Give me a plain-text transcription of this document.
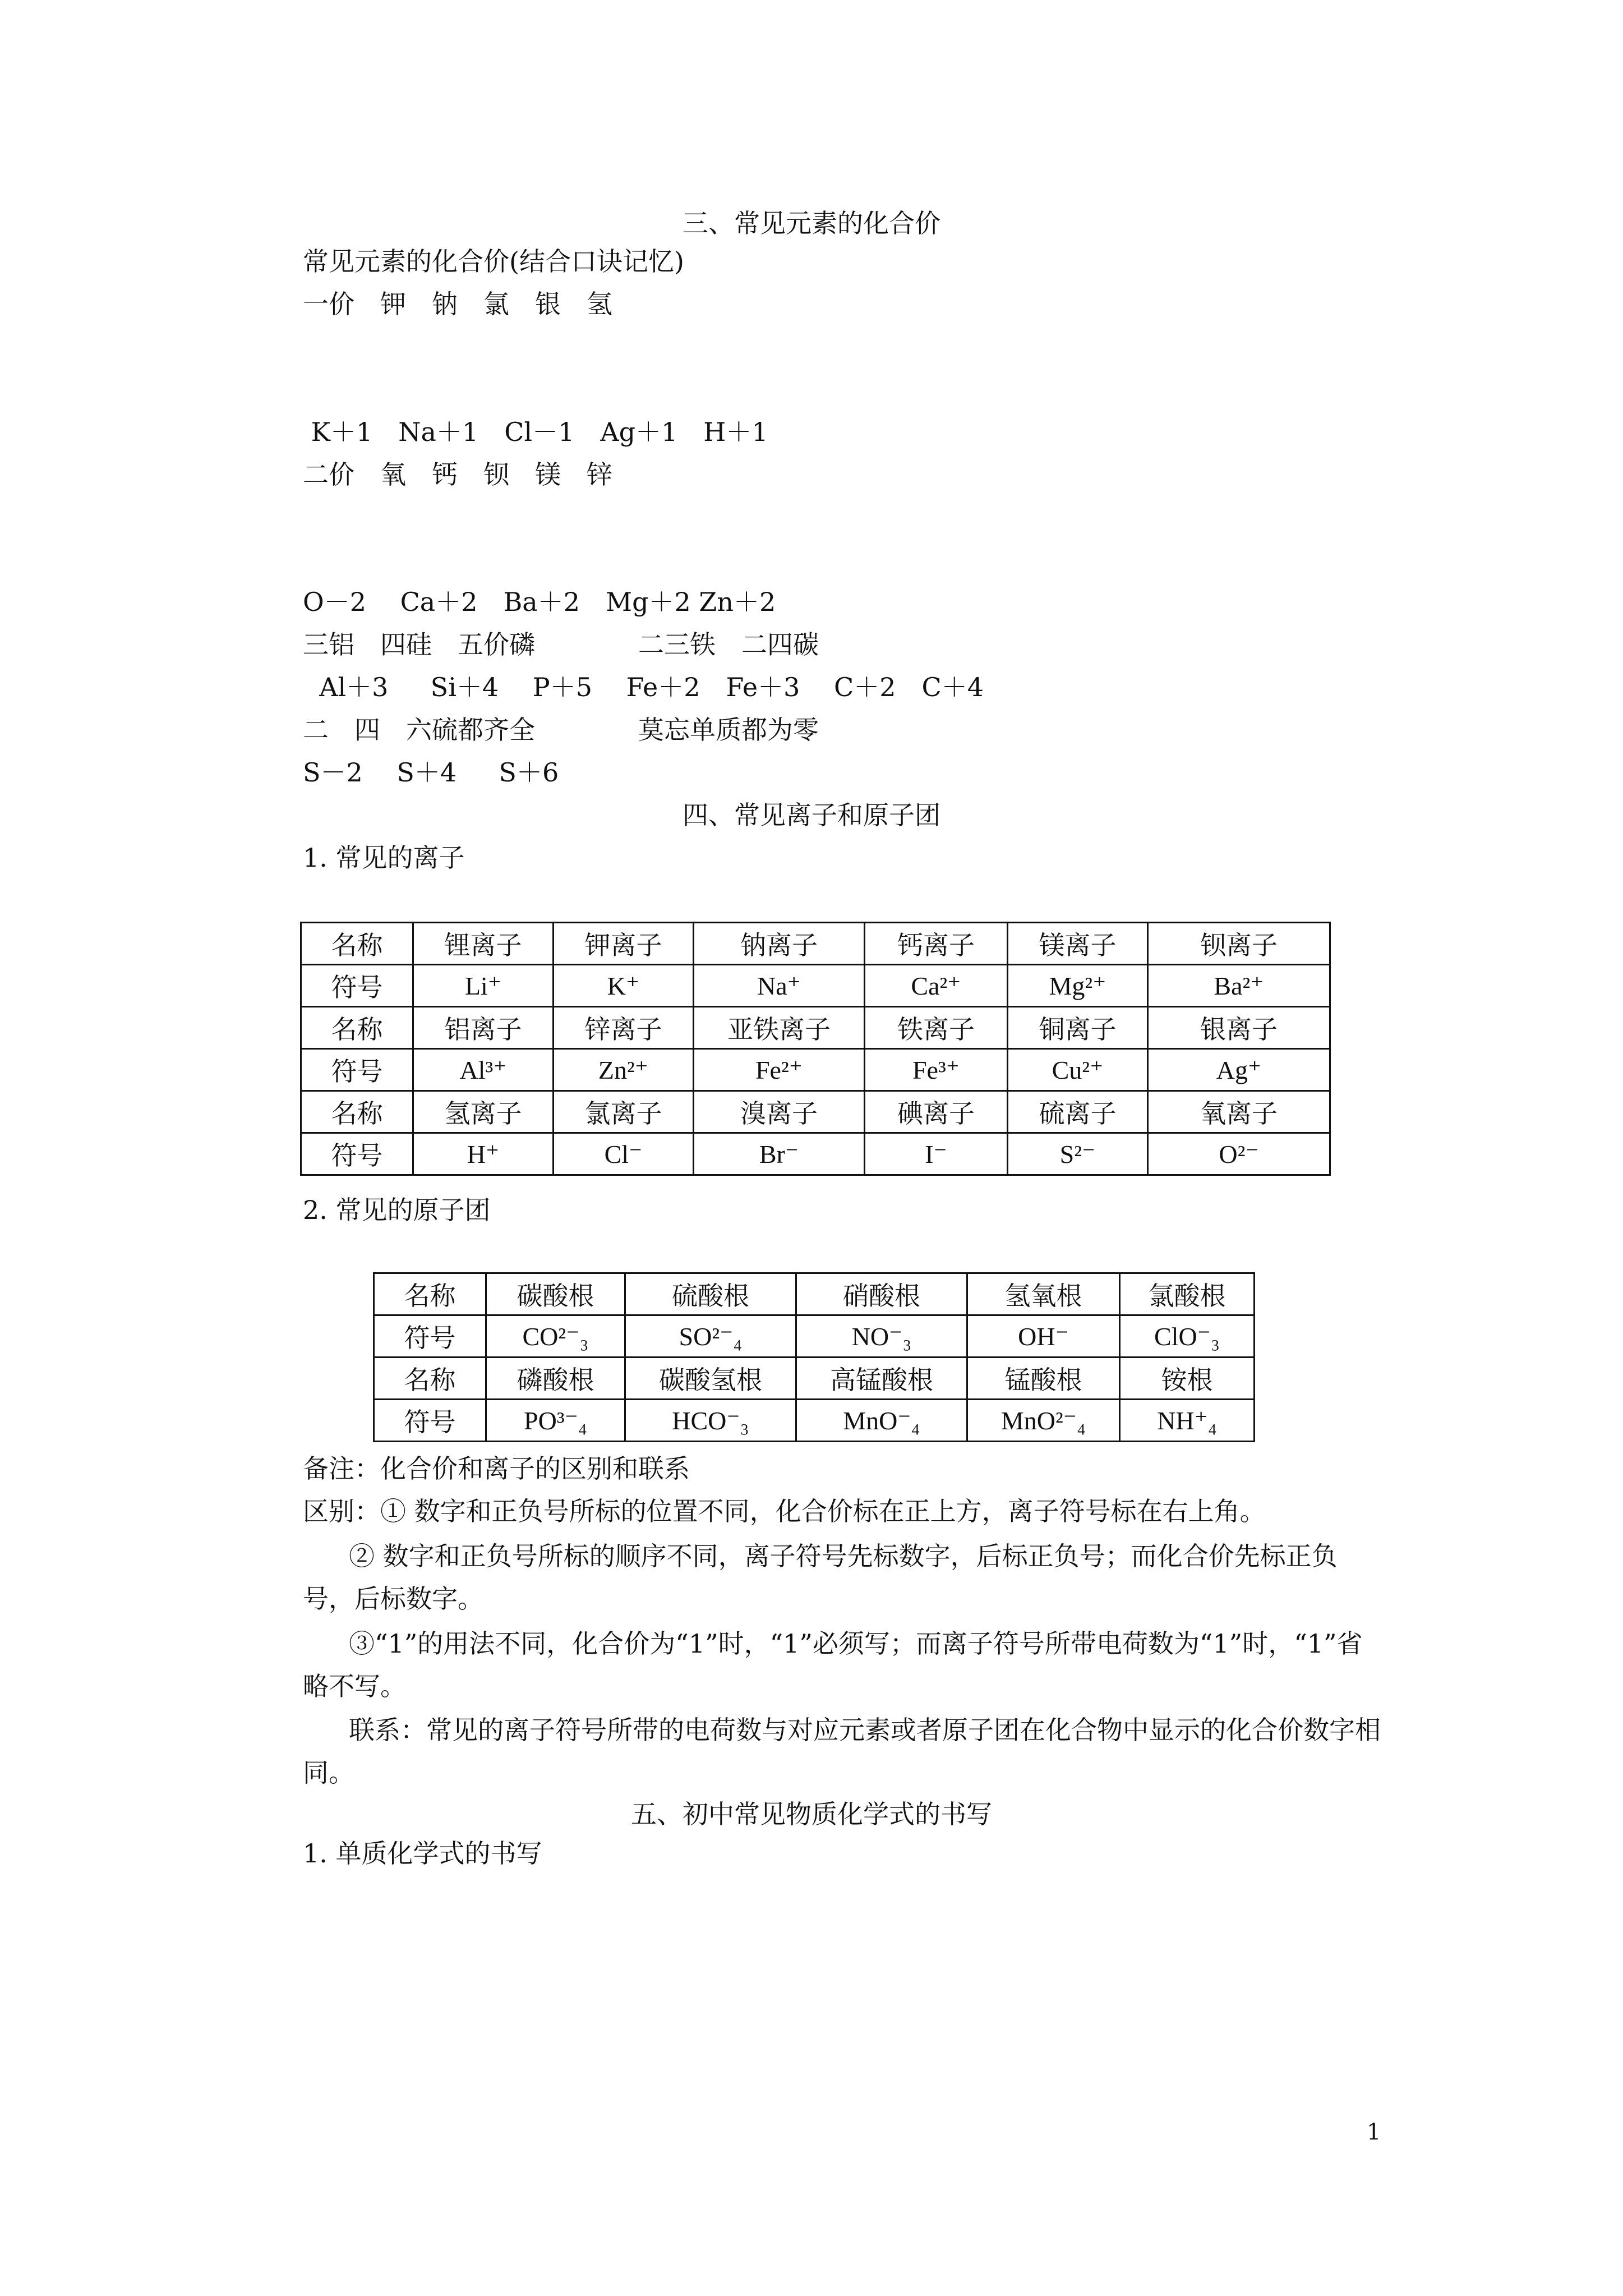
三、常见元素的化合价
常见元素的化合价(结合口诀记忆)
一价　钾　钠　氯　银　氢
K＋1　Na＋1　Cl－1　Ag＋1　H＋1
二价　氧　钙　钡　镁　锌
O－2　 Ca＋2　Ba＋2　Mg＋2 Zn＋2
三铝　四硅　五价磷　　　　二三铁　二四碳
Al＋3　  Si＋4　 P＋5　 Fe＋2　Fe＋3　 C＋2　C＋4
二　四　六硫都齐全　　　　莫忘单质都为零
S－2　 S＋4　  S＋6
四、常见离子和原子团
1. 常见的离子
名称	锂离子	钾离子	钠离子	钙离子	镁离子	钡离子
符号	Li⁺	K⁺	Na⁺	Ca²⁺	Mg²⁺	Ba²⁺
名称	铝离子	锌离子	亚铁离子	铁离子	铜离子	银离子
符号	Al³⁺	Zn²⁺	Fe²⁺	Fe³⁺	Cu²⁺	Ag⁺
名称	氢离子	氯离子	溴离子	碘离子	硫离子	氧离子
符号	H⁺	Cl⁻	Br⁻	I⁻	S²⁻	O²⁻
2. 常见的原子团
名称	碳酸根	硫酸根	硝酸根	氢氧根	氯酸根
符号	CO²⁻₃	SO²⁻₄	NO⁻₃	OH⁻	ClO⁻₃
名称	磷酸根	碳酸氢根	高锰酸根	锰酸根	铵根
符号	PO³⁻₄	HCO⁻₃	MnO⁻₄	MnO²⁻₄	NH⁺₄
备注：化合价和离子的区别和联系

区别：① 数字和正负号所标的位置不同，化合价标在正上方，离子符号标在右上角。

② 数字和正负号所标的顺序不同，离子符号先标数字，后标正负号；而化合价先标正负号，后标数字。

③“1”的用法不同，化合价为“1”时，“1”必须写；而离子符号所带电荷数为“1”时，“1”省略不写。

联系：常见的离子符号所带的电荷数与对应元素或者原子团在化合物中显示的化合价数字相同。

五、初中常见物质化学式的书写
1. 单质化学式的书写
1
